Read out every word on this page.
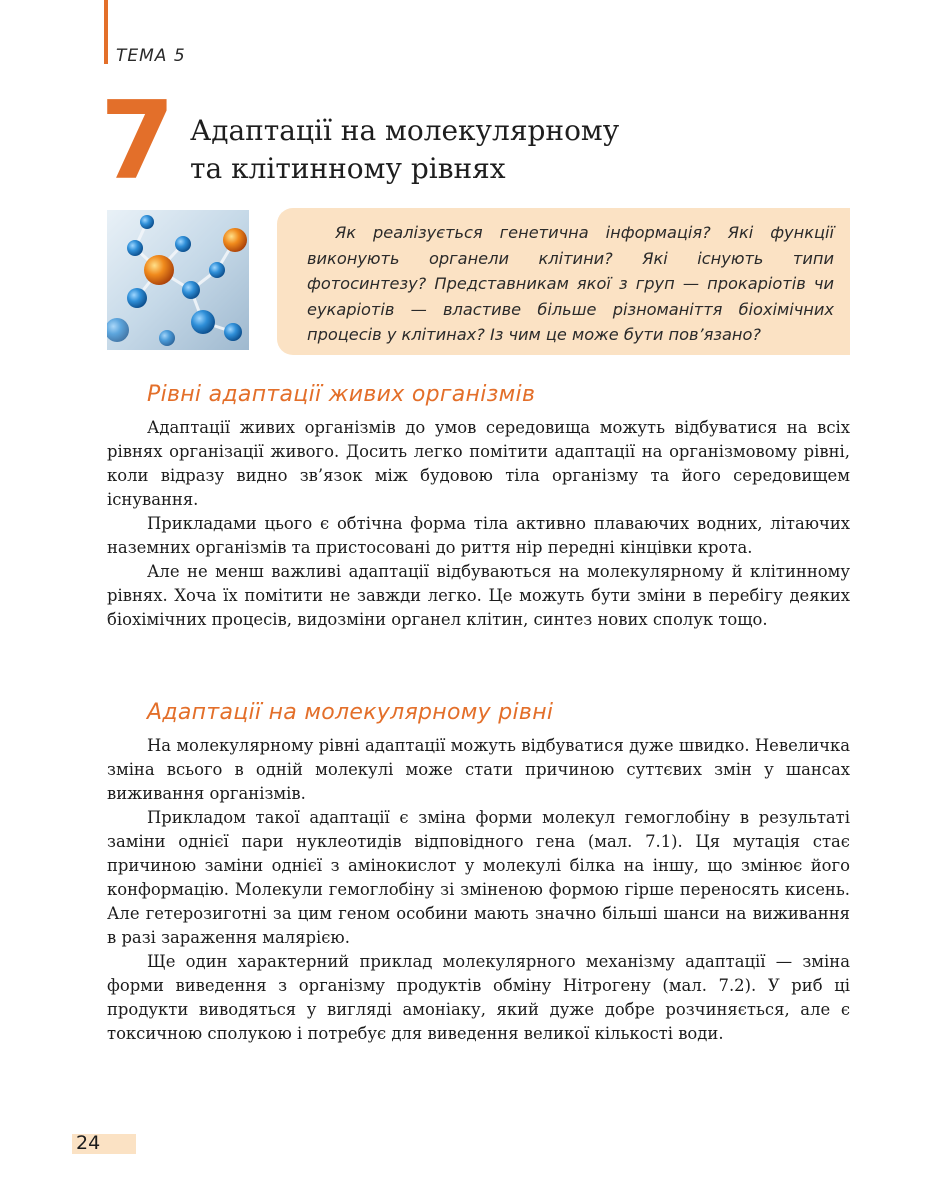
ТЕМА 5
7 Адаптації на молекулярному
та клітинному рівнях

Як реалізується генетична інформація? Які функції виконують органели клітини? Які існують типи фотосинтезу? Представникам якої з груп — прокаріотів чи еукаріотів — властиве більше різноманіття біохімічних процесів у клітинах? Із чим це може бути пов’язано?

Рівні адаптації живих організмів

Адаптації живих організмів до умов середовища можуть відбуватися на всіх рівнях організації живого. Досить легко помітити адаптації на організмовому рівні, коли відразу видно зв’язок між будовою тіла організму та його середовищем існування.

Прикладами цього є обтічна форма тіла активно плаваючих водних, літаючих наземних організмів та пристосовані до риття нір передні кінцівки крота.

Але не менш важливі адаптації відбуваються на молекулярному й клітинному рівнях. Хоча їх помітити не завжди легко. Це можуть бути зміни в перебігу деяких біохімічних процесів, видозміни органел клітин, синтез нових сполук тощо.

Адаптації на молекулярному рівні

На молекулярному рівні адаптації можуть відбуватися дуже швидко. Невеличка зміна всього в одній молекулі може стати причиною суттєвих змін у шансах виживання організмів.

Прикладом такої адаптації є зміна форми молекул гемоглобіну в результаті заміни однієї пари нуклеотидів відповідного гена (мал. 7.1). Ця мутація стає причиною заміни однієї з амінокислот у молекулі білка на іншу, що змінює його конформацію. Молекули гемоглобіну зі зміненою формою гірше переносять кисень. Але гетерозиготні за цим геном особини мають значно більші шанси на виживання в разі зараження малярією.

Ще один характерний приклад молекулярного механізму адаптації — зміна форми виведення з організму продуктів обміну Нітрогену (мал. 7.2). У риб ці продукти виводяться у вигляді амоніаку, який дуже добре розчиняється, але є токсичною сполукою і потребує для виведення великої кількості води.

24
